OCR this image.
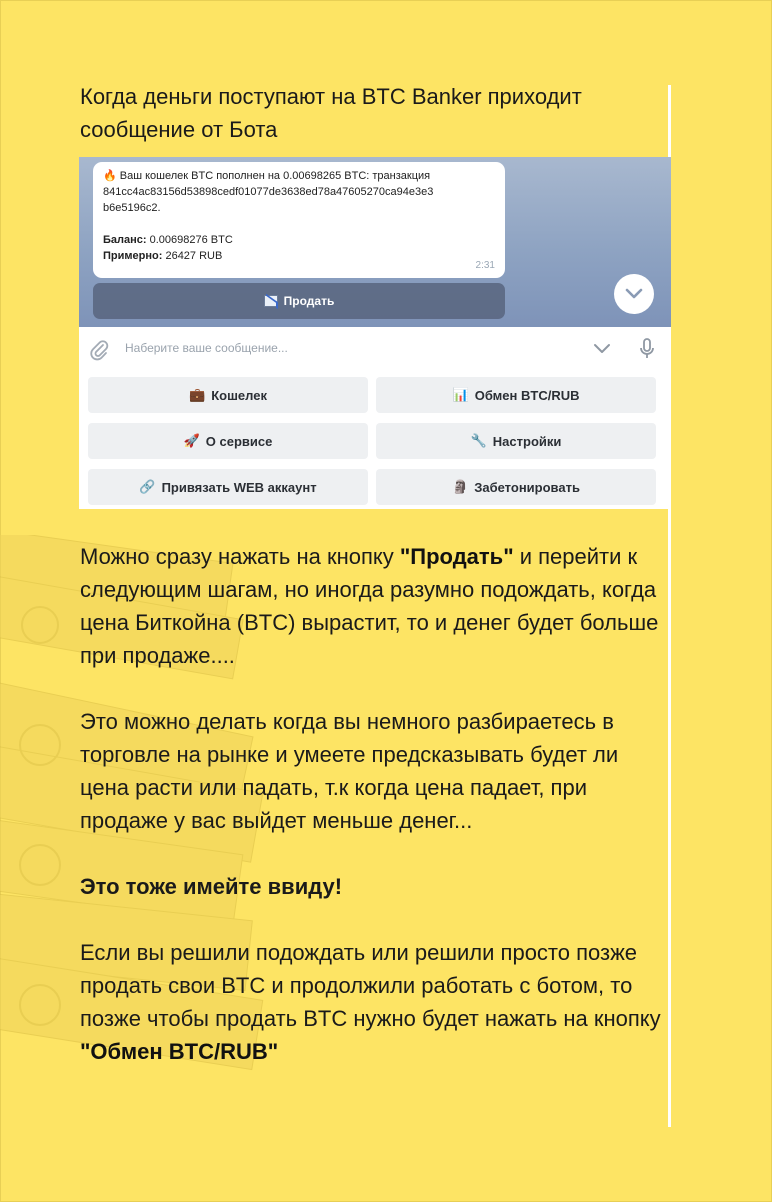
Когда деньги поступают на BTC Banker приходит сообщение от Бота

🔥 Ваш кошелек BTC пополнен на 0.00698265 BTC: транзакция

841cc4ac83156d53898cedf01077de3638ed78a47605270ca94e3e3

b6e5196c2.

Баланс: 0.00698276 BTC

Примерно: 26427 RUB

2:31
Продать
Наберите ваше сообщение...
💼 Кошелек	📊 Обмен BTC/RUB
🚀 О сервисе	🔧 Настройки
🔗 Привязать WEB аккаунт	🗿 Забетонировать

Можно сразу нажать на кнопку "Продать" и перейти к следующим шагам, но иногда разумно подождать, когда цена Биткойна (BTC) вырастит, то и денег будет больше при продаже....

Это можно делать когда вы немного разбираетесь в торговле на рынке и умеете предсказывать будет ли цена расти или падать, т.к когда цена падает, при продаже у вас выйдет меньше денег...

Это тоже имейте ввиду!

Если вы решили подождать или решили просто позже продать свои BTC и продолжили работать с ботом, то позже чтобы продать BTC нужно будет нажать на кнопку "Обмен BTC/RUB"
